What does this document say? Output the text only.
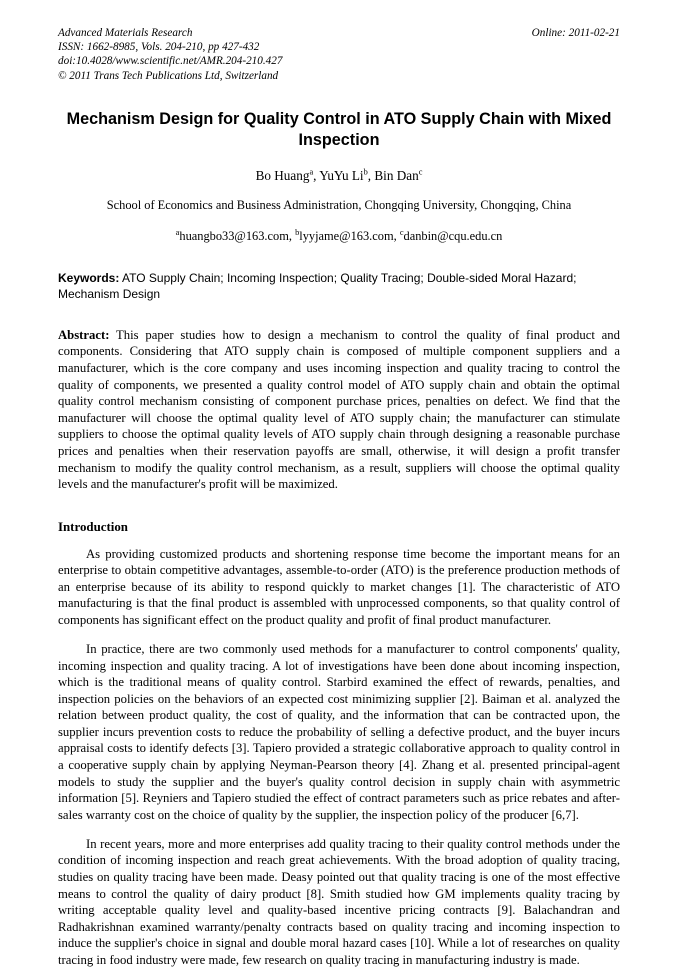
Advanced Materials Research
ISSN: 1662-8985, Vols. 204-210, pp 427-432
doi:10.4028/www.scientific.net/AMR.204-210.427
© 2011 Trans Tech Publications Ltd, Switzerland
Online: 2011-02-21
Mechanism Design for Quality Control in ATO Supply Chain with Mixed Inspection
Bo Huang$^a$, YuYu Li$^b$, Bin Dan$^c$
School of Economics and Business Administration, Chongqing University, Chongqing, China
$^a$huangbo33@163.com, $^b$lyyjame@163.com, $^c$danbin@cqu.edu.cn
Keywords: ATO Supply Chain; Incoming Inspection; Quality Tracing; Double-sided Moral Hazard; Mechanism Design
Abstract: This paper studies how to design a mechanism to control the quality of final product and components. Considering that ATO supply chain is composed of multiple component suppliers and a manufacturer, which is the core company and uses incoming inspection and quality tracing to control the quality of components, we presented a quality control model of ATO supply chain and obtain the optimal quality control mechanism consisting of component purchase prices, penalties on defect. We find that the manufacturer will choose the optimal quality level of ATO supply chain; the manufacturer can stimulate suppliers to choose the optimal quality levels of ATO supply chain through designing a reasonable purchase prices and penalties when their reservation payoffs are small, otherwise, it will design a profit transfer mechanism to modify the quality control mechanism, as a result, suppliers will choose the optimal quality levels and the manufacturer's profit will be maximized.
Introduction

As providing customized products and shortening response time become the important means for an enterprise to obtain competitive advantages, assemble-to-order (ATO) is the preference production methods of an enterprise because of its ability to respond quickly to market changes [1]. The characteristic of ATO manufacturing is that the final product is assembled with unprocessed components, so that quality control of components has significant effect on the product quality and profit of final product manufacturer.

In practice, there are two commonly used methods for a manufacturer to control components' quality, incoming inspection and quality tracing. A lot of investigations have been done about incoming inspection, which is the traditional means of quality control. Starbird examined the effect of rewards, penalties, and inspection policies on the behaviors of an expected cost minimizing supplier [2]. Baiman et al. analyzed the relation between product quality, the cost of quality, and the information that can be contracted upon, the supplier incurs prevention costs to reduce the probability of selling a defective product, and the buyer incurs appraisal costs to identify defects [3]. Tapiero provided a strategic collaborative approach to quality control in a cooperative supply chain by applying Neyman-Pearson theory [4]. Zhang et al. presented principal-agent models to study the supplier and the buyer's quality control decision in supply chain with asymmetric information [5]. Reyniers and Tapiero studied the effect of contract parameters such as price rebates and after-sales warranty cost on the choice of quality by the supplier, the inspection policy of the producer [6,7].

In recent years, more and more enterprises add quality tracing to their quality control methods under the condition of incoming inspection and reach great achievements. With the broad adoption of quality tracing, studies on quality tracing have been made. Deasy pointed out that quality tracing is one of the most effective means to control the quality of dairy product [8]. Smith studied how GM implements quality tracing by writing acceptable quality level and quality-based incentive pricing contracts [9]. Balachandran and Radhakrishnan examined warranty/penalty contracts based on quality tracing and incoming inspection to induce the supplier's choice in signal and double moral hazard cases [10]. While a lot of researches on quality tracing in food industry were made, few research on quality tracing in manufacturing industry is made.
